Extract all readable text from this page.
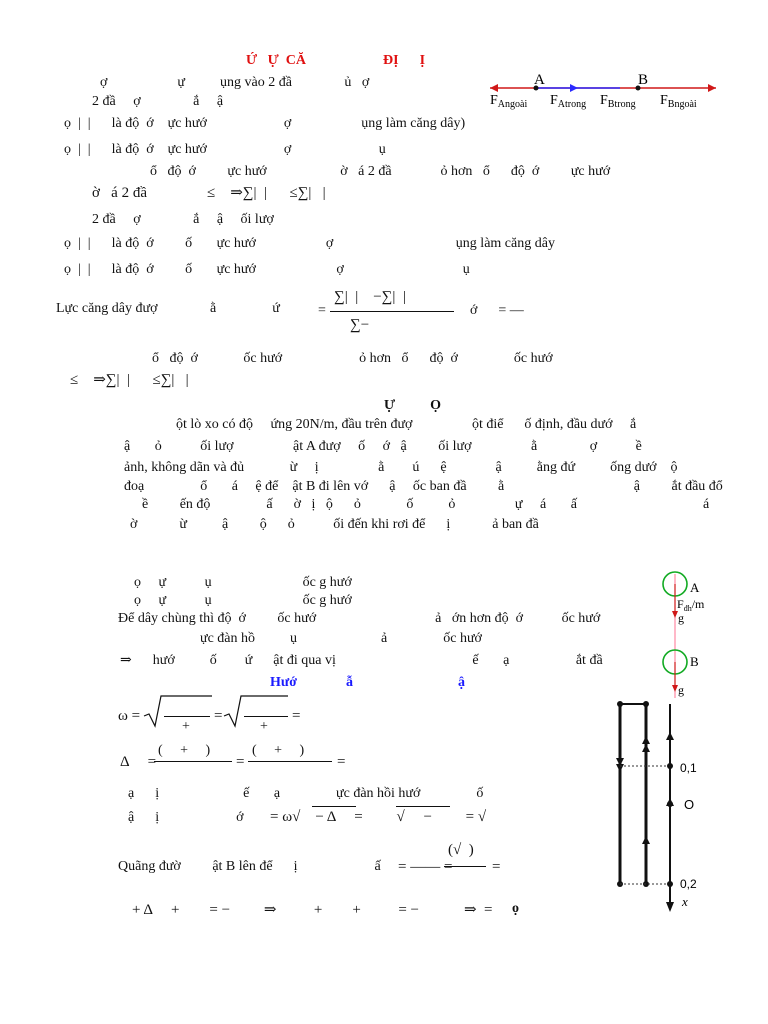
Ứ   Ự  CĂ                      ĐỊ      Ị
A	B
$F_{Angoài}$ $F_{Atrong}$ $F_{Btrong}$ $F_{Bngoài}$
ợ                    ự          ụng vào 2 đầ               ủ   ợ
2 đầ     ợ               ắ     ậ
ọ  |  |      là độ  ớ    ực hướ                      ợ                    ụng làm căng dây)
ọ  |  |      là độ  ớ    ực hướ                      ợ                         ụ
ổ   độ  ớ         ực hướ                     ờ   á 2 đầ              ỏ hơn   ổ      độ  ớ         ực hướ
ờ   á 2 đầ                ≤    ⇒∑|  |      ≤∑|   |
2 đầ     ợ               ắ     ậ     ối lượ
ọ  |  |      là độ  ớ         ố       ực hướ                    ợ                                   ụng làm căng dây
ọ  |  |      là độ  ớ         ố       ực hướ                       ợ                                  ụ
Lực căng dây đượ               ằ                ứ	=
∑|  |    −∑|  |
∑−
ớ      = —
ổ   độ  ớ             ốc hướ                      ỏ hơn   ổ      độ  ớ                ốc hướ
≤    ⇒∑|  |      ≤∑|   |
Ự          Ọ
ột lò xo có độ     ứng 20N/m, đầu trên đượ                 ột điể      ố định, đầu dướ     ắ
ậ       ỏ           ối lượ                 ật A đượ     ố     ớ   ậ         ối lượ                 ằ               ợ           ề
ảnh, không dãn và đủ             ừ     ị                 ằ        ú      ệ              ậ          ằng đứ          ống dướ    ộ
đoạ                ổ       á     ệ để    ật B đi lên vớ      ậ     ốc ban đầ         ằ                                     ậ         ắt đầu đổ
ề         ến độ                ấ      ờ   ị   ộ      ỏ             ố          ỏ                 ự     á       ấ                                    á
ờ            ừ          ậ         ộ      ỏ           ối đến khi rơi để      ị            ả ban đầ
ọ     ự           ụ                          ốc g hướ
ọ     ự           ụ                          ốc g hướ
Để dây chùng thì độ  ớ         ốc hướ                                  ả   ớn hơn độ  ớ           ốc hướ
ực đàn hồ          ụ                        ả                ốc hướ
⇒      hướ          ố        ứ      ật đi qua vị                                       ế       ạ                   ắt đầ
Hướ              ẫ                              ậ
ω =
+
=
+
=
Δ     =
(     +     )
=
(     +     )
=
ạ      ị                        ế       ạ                ực đàn hồi hướ                ố
ậ      ị                      ớ = ω√    − Δ     =         √     −         = √
Quãng đườ         ật B lên để      ị                      ấ = —— =
(√  )
=
+ Δ     +        = −         ⇒          +        +          = −            ⇒  = ọ
A
$F_{đh}/m$
g
B
g
0,1
O
0,2
x
